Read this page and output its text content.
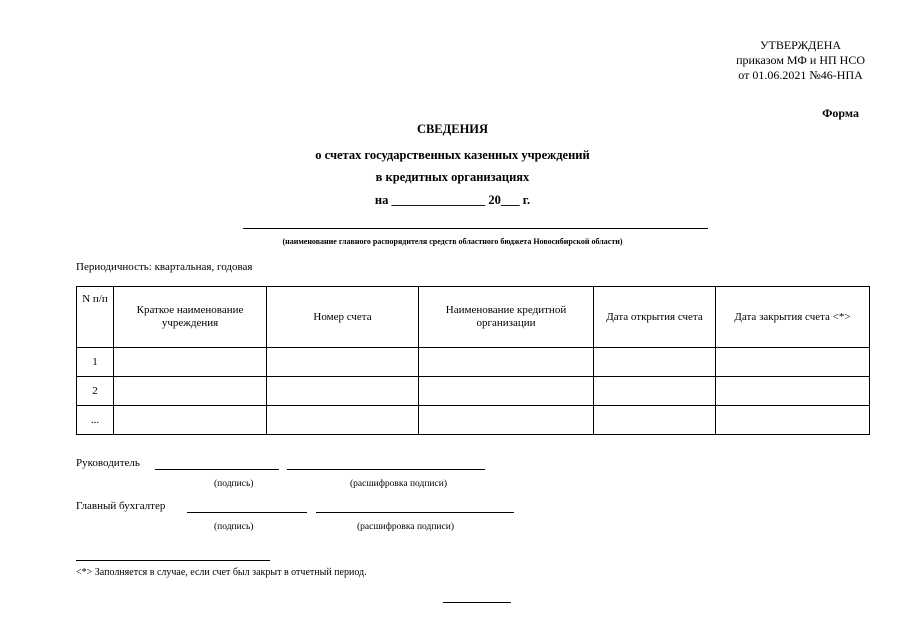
УТВЕРЖДЕНА
приказом МФ и НП НСО
от 01.06.2021 №46-НПА
Форма
СВЕДЕНИЯ
о счетах государственных казенных учреждений
в кредитных организациях
на _______________ 20___ г.
(наименование главного распорядителя средств областного бюджета Новосибирской области)
Периодичность: квартальная, годовая
N п/п	Краткое наименование учреждения	Номер счета	Наименование кредитной организации	Дата открытия счета	Дата закрытия счета <*>
1					
2					
...					
Руководитель
(подпись)	(расшифровка подписи)
Главный бухгалтер
(подпись)	(расшифровка подписи)
<*> Заполняется в случае, если счет был закрыт в отчетный период.
